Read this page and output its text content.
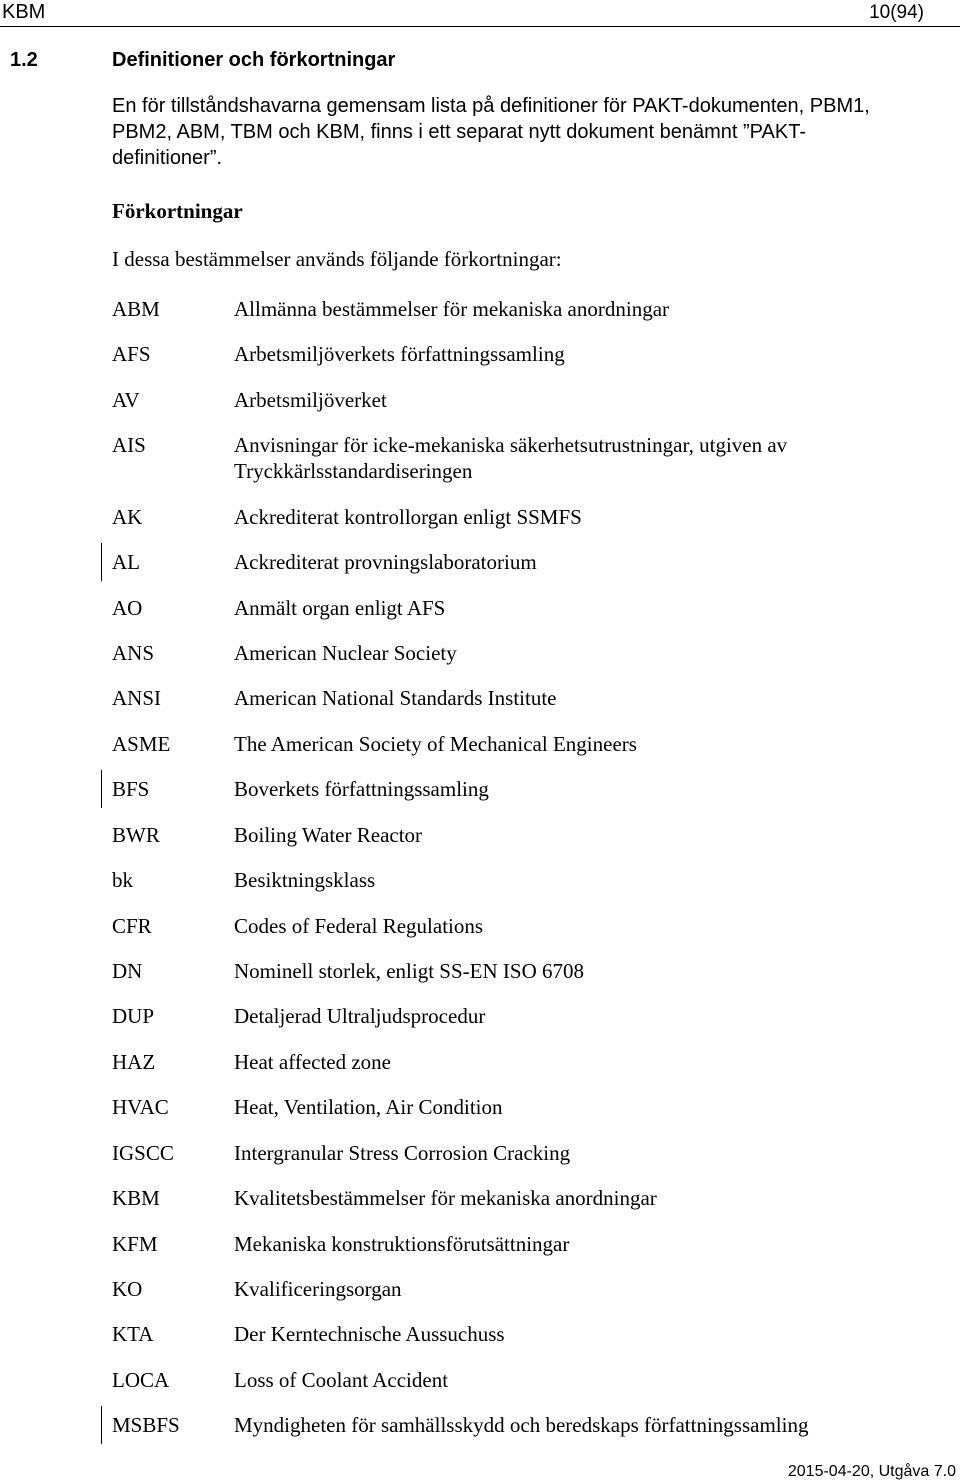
KBM	10(94)
1.2	Definitioner och förkortningar
En för tillståndshavarna gemensam lista på definitioner för PAKT-dokumenten, PBM1, PBM2, ABM, TBM och KBM, finns i ett separat nytt dokument benämnt ”PAKT-definitioner”.
Förkortningar
I dessa bestämmelser används följande förkortningar:
ABM	Allmänna bestämmelser för mekaniska anordningar
AFS	Arbetsmiljöverkets författningssamling
AV	Arbetsmiljöverket
AIS	Anvisningar för icke-mekaniska säkerhetsutrustningar, utgiven av Tryckkärlsstandardiseringen
AK	Ackrediterat kontrollorgan enligt SSMFS
AL	Ackrediterat provningslaboratorium
AO	Anmält organ enligt AFS
ANS	American Nuclear Society
ANSI	American National Standards Institute
ASME	The American Society of Mechanical Engineers
BFS	Boverkets författningssamling
BWR	Boiling Water Reactor
bk	Besiktningsklass
CFR	Codes of Federal Regulations
DN	Nominell storlek, enligt SS-EN ISO 6708
DUP	Detaljerad Ultraljudsprocedur
HAZ	Heat affected zone
HVAC	Heat, Ventilation, Air Condition
IGSCC	Intergranular Stress Corrosion Cracking
KBM	Kvalitetsbestämmelser för mekaniska anordningar
KFM	Mekaniska konstruktionsförutsättningar
KO	Kvalificeringsorgan
KTA	Der Kerntechnische Aussuchuss
LOCA	Loss of Coolant Accident
MSBFS	Myndigheten för samhällsskydd och beredskaps författningssamling
2015-04-20, Utgåva 7.0
